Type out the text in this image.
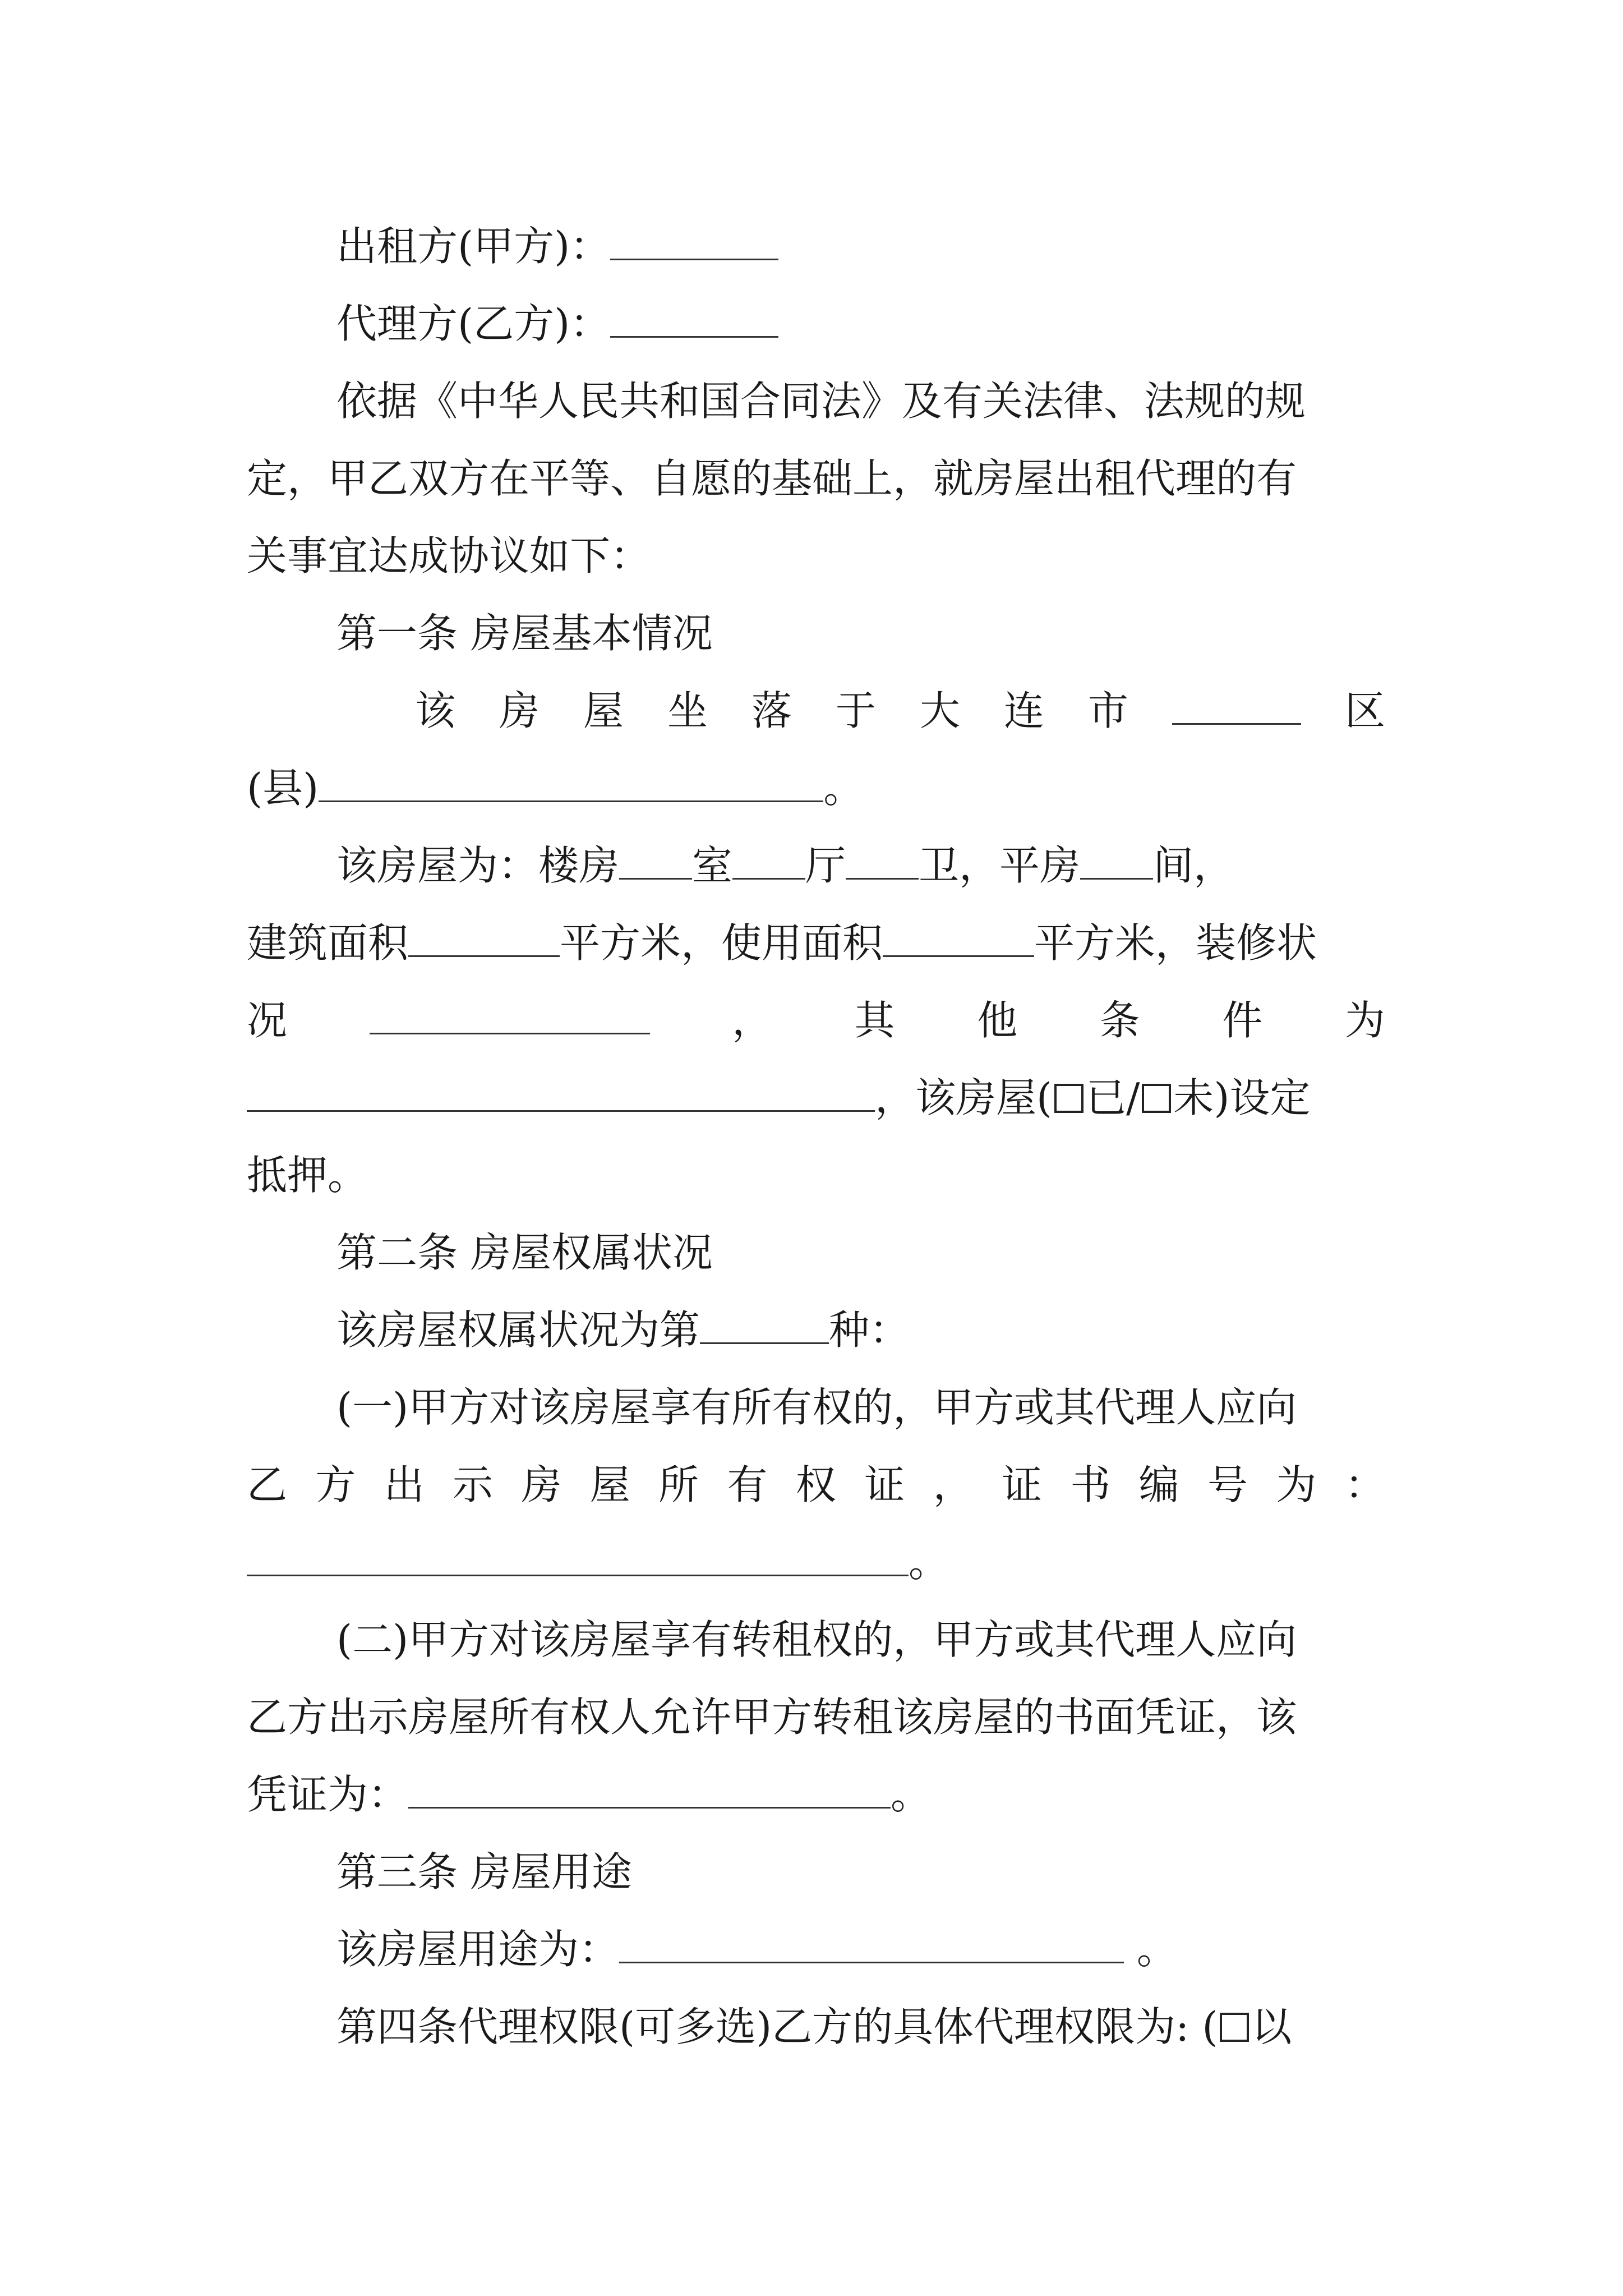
出租方(甲方)：
代理方(乙方)：
依据《中华人民共和国合同法》及有关法律、法规的规
定，甲乙双方在平等、自愿的基础上，就房屋出租代理的有
关事宜达成协议如下：
第一条 房屋基本情况
该 房 屋 坐 落 于 大 连 市	区
(县)	。
该房屋为：楼房 室 厅 卫，平房 间，
建筑面积	平方米，使用面积	平方米，装修状
况	， 其 他 条 件 为
，该房屋( 已/ 未)设定
抵押。
第二条 房屋权属状况
该房屋权属状况为第	种：
(一)甲方对该房屋享有所有权的，甲方或其代理人应向
乙 方 出 示 房 屋 所 有 权 证 ， 证 书 编 号 为 ：
。
(二)甲方对该房屋享有转租权的，甲方或其代理人应向
乙方出示房屋所有权人允许甲方转租该房屋的书面凭证，该
凭证为：	。
第三条 房屋用途
该房屋用途为：	。
第四条代理权限(可多选)乙方的具体代理权限为: ( 以
